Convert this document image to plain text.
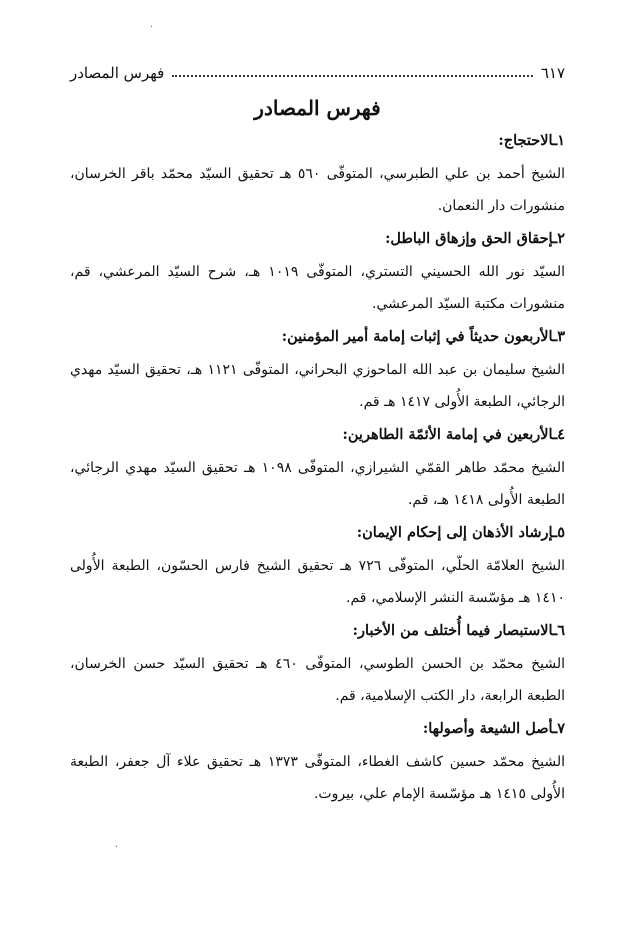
٦١٧
فهرس المصادر
فهرس المصادر
١ـالاحتجاج:
الشيخ أحمد بن علي الطبرسي، المتوفّى ٥٦٠ هـ تحقيق السيّد محمّد باقر الخرسان، منشورات دار النعمان.
٢ـإحقاق الحق وإزهاق الباطل:
السيّد نور الله الحسيني التستري، المتوفّى ١٠١٩ هـ، شرح السيّد المرعشي، قم، منشورات مكتبة السيّد المرعشي.
٣ـالأربعون حديثاً في إثبات إمامة أمير المؤمنين:
الشيخ سليمان بن عبد الله الماحوزي البحراني، المتوفّى ١١٢١ هـ، تحقيق السيّد مهدي الرجائي، الطبعة الأُولى ١٤١٧ هـ قم.
٤ـالأربعين في إمامة الأئمّة الطاهرين:
الشيخ محمّد طاهر القمّي الشيرازي، المتوفّى ١٠٩٨ هـ تحقيق السيّد مهدي الرجائي، الطبعة الأُولى ١٤١٨ هـ، قم.
٥ـإرشاد الأذهان إلى إحكام الإيمان:
الشيخ العلامّة الحلّي، المتوفّى ٧٢٦ هـ تحقيق الشيخ فارس الحسّون، الطبعة الأُولى ١٤١٠ هـ مؤسّسة النشر الإسلامي، قم.
٦ـالاستبصار فيما أُختلف من الأخبار:
الشيخ محمّد بن الحسن الطوسي، المتوفّى ٤٦٠ هـ تحقيق السيّد حسن الخرسان، الطبعة الرابعة، دار الكتب الإسلامية، قم.
٧ـأصل الشيعة وأصولها:
الشيخ محمّد حسين كاشف الغطاء، المتوفّى ١٣٧٣ هـ تحقيق علاء آل جعفر، الطبعة الأُولى ١٤١٥ هـ مؤسّسة الإمام علي، بيروت.
·
·
